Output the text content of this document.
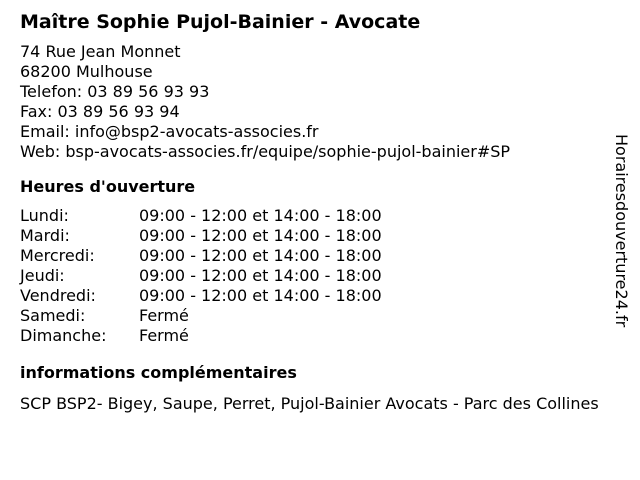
Maître Sophie Pujol-Bainier - Avocate
74 Rue Jean Monnet
68200 Mulhouse
Telefon: 03 89 56 93 93
Fax: 03 89 56 93 94
Email: info@bsp2-avocats-associes.fr
Web: bsp-avocats-associes.fr/equipe/sophie-pujol-bainier#SP
Heures d'ouverture
Lundi:	09:00 - 12:00 et 14:00 - 18:00
Mardi:	09:00 - 12:00 et 14:00 - 18:00
Mercredi:	09:00 - 12:00 et 14:00 - 18:00
Jeudi:	09:00 - 12:00 et 14:00 - 18:00
Vendredi:	09:00 - 12:00 et 14:00 - 18:00
Samedi:	Fermé
Dimanche:	Fermé
informations complémentaires
SCP BSP2- Bigey, Saupe, Perret, Pujol-Bainier Avocats - Parc des Collines
Horairesdouverture24.fr
